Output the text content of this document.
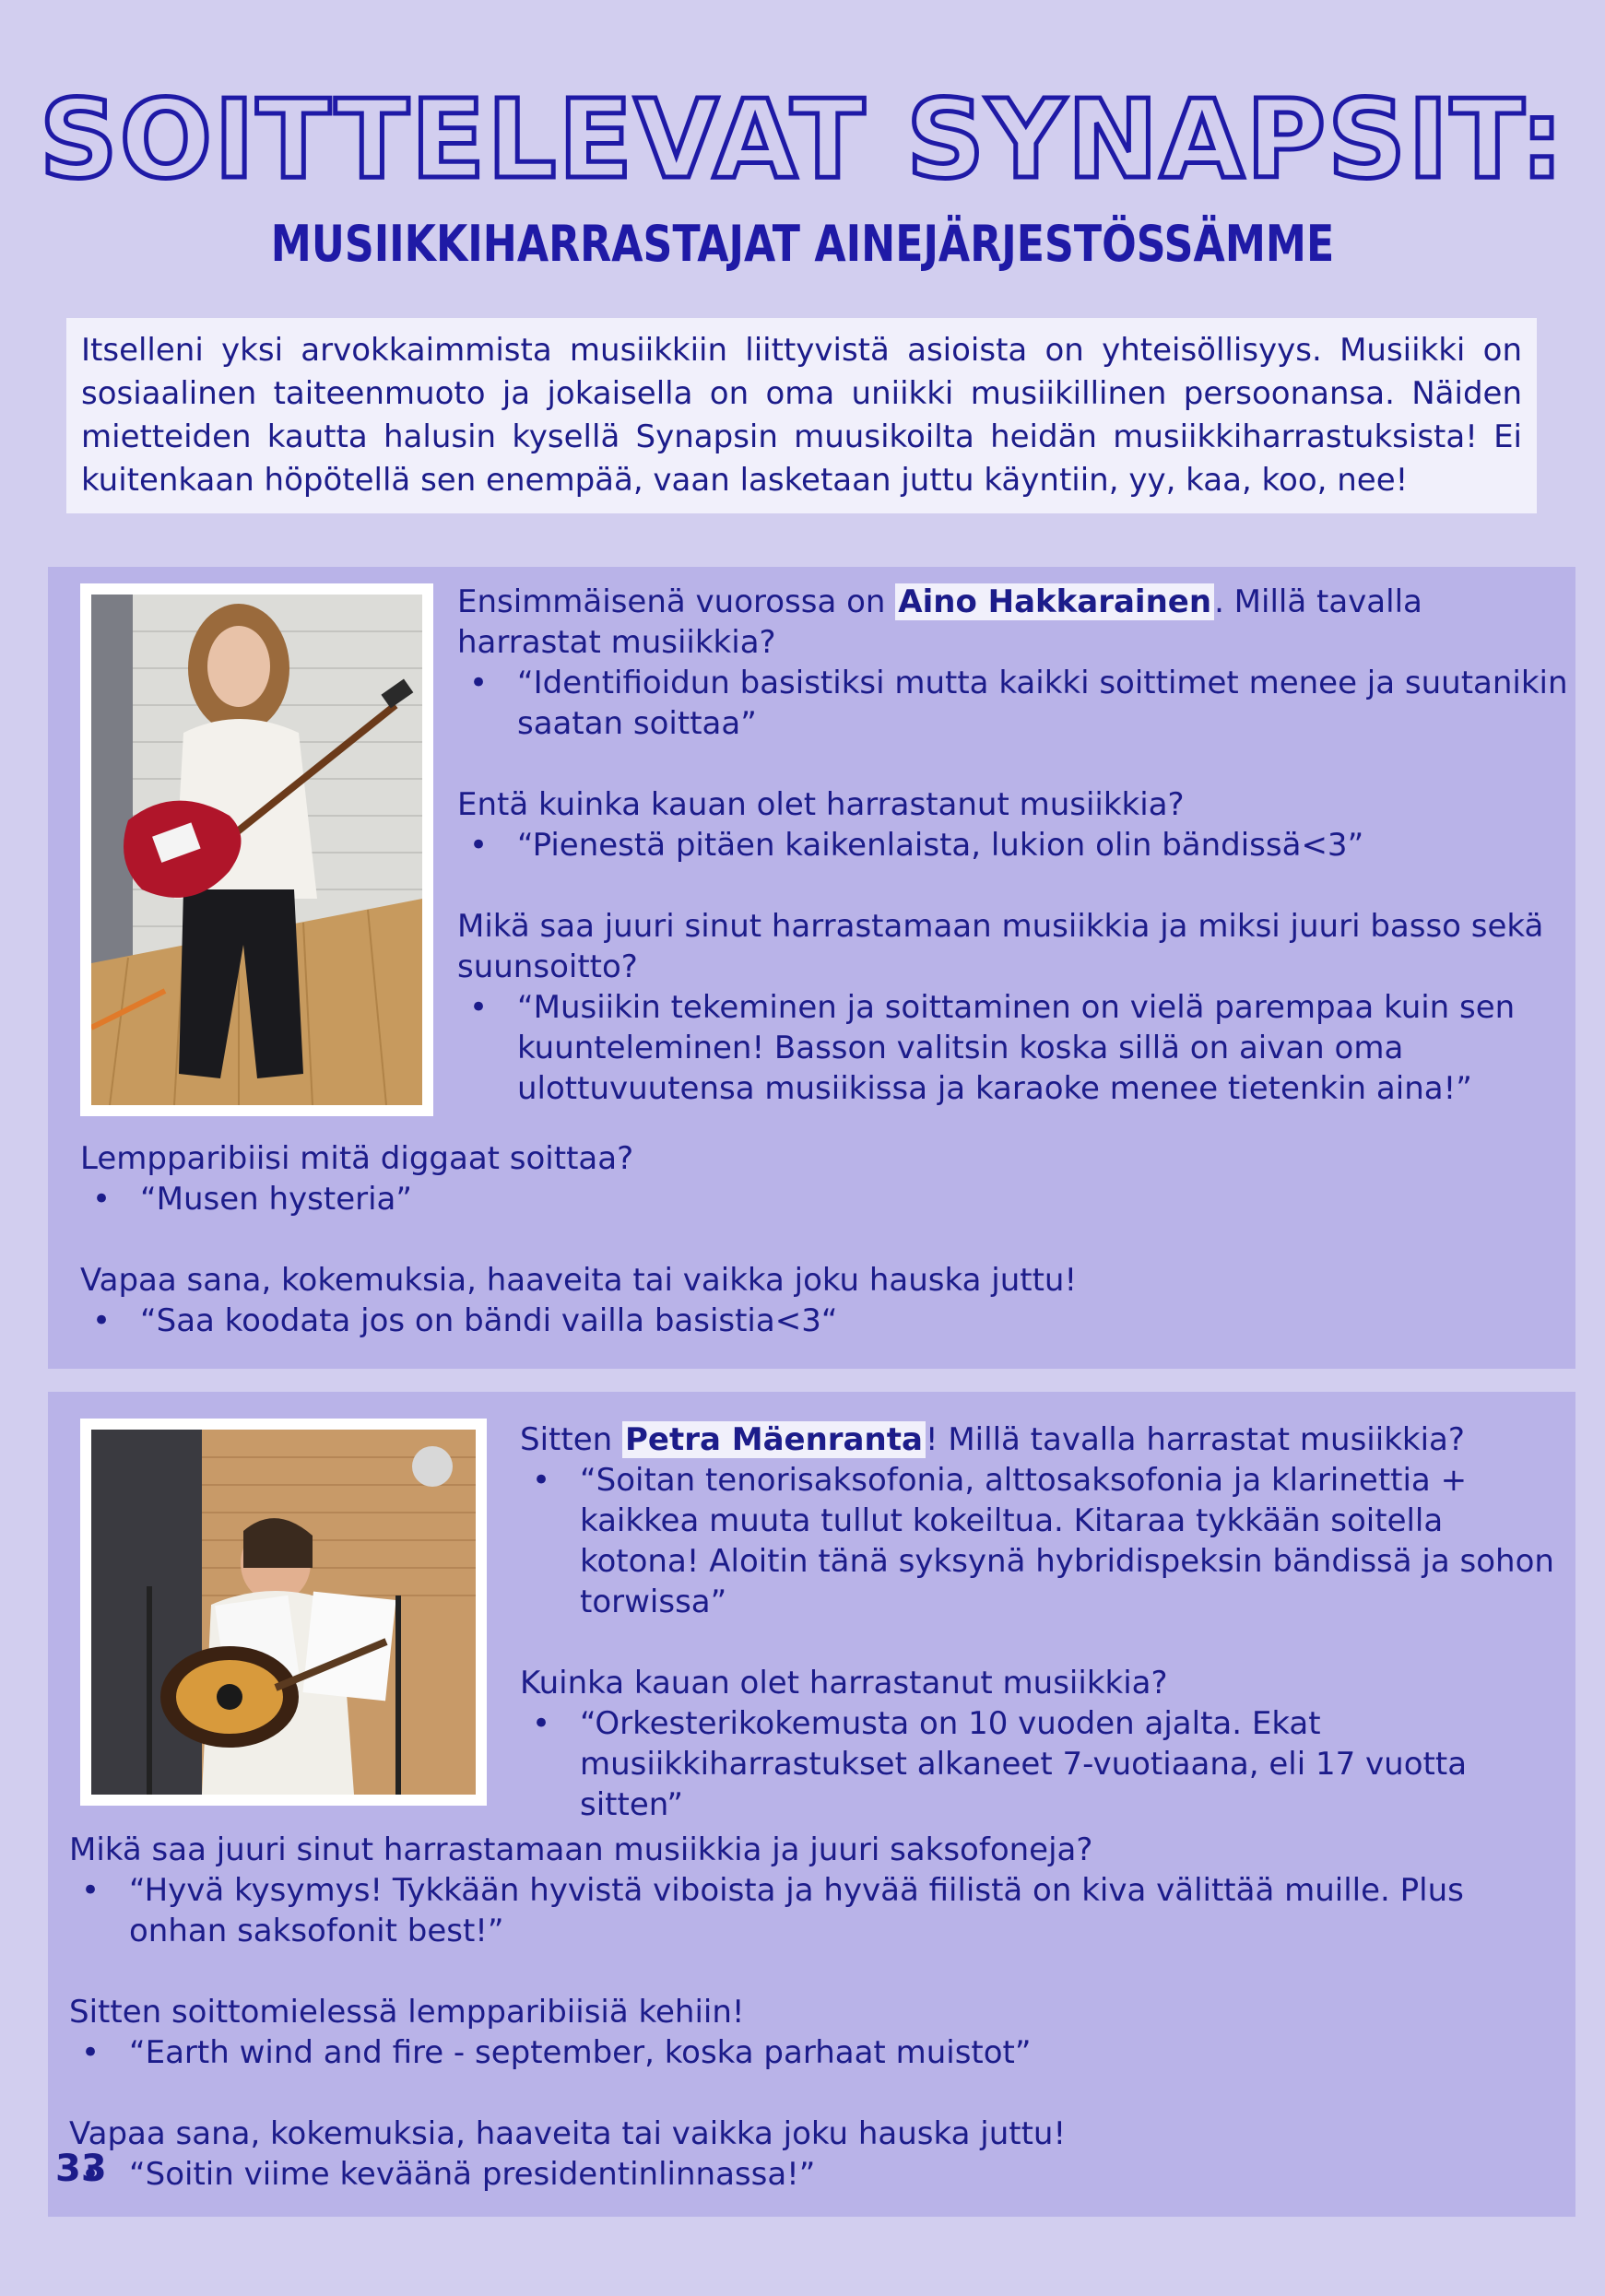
SOITTELEVAT SYNAPSIT:
MUSIIKKIHARRASTAJAT AINEJÄRJESTÖSSÄMME
Itselleni yksi arvokkaimmista musiikkiin liittyvistä asioista on yhteisöllisyys. Musiikki on sosiaalinen taiteenmuoto ja jokaisella on oma uniikki musiikillinen persoonansa. Näiden mietteiden kautta halusin kysellä Synapsin muusikoilta heidän musiikkiharrastuksista! Ei kuitenkaan höpötellä sen enempää, vaan lasketaan juttu käyntiin, yy, kaa, koo, nee!

Ensimmäisenä vuorossa on Aino Hakkarainen. Millä tavalla harrastat musiikkia?

• “Identifioidun basistiksi mutta kaikki soittimet menee ja suutanikin saatan soittaa”

Entä kuinka kauan olet harrastanut musiikkia?

• “Pienestä pitäen kaikenlaista, lukion olin bändissä<3”

Mikä saa juuri sinut harrastamaan musiikkia ja miksi juuri basso sekä suunsoitto?

• “Musiikin tekeminen ja soittaminen on vielä parempaa kuin sen kuunteleminen! Basson valitsin koska sillä on aivan oma ulottuvuutensa musiikissa ja karaoke menee tietenkin aina!”

Lempparibiisi mitä diggaat soittaa?

• “Musen hysteria”

Vapaa sana, kokemuksia, haaveita tai vaikka joku hauska juttu!

• “Saa koodata jos on bändi vailla basistia<3“

Sitten Petra Mäenranta! Millä tavalla harrastat musiikkia?

• “Soitan tenorisaksofonia, alttosaksofonia ja klarinettia + kaikkea muuta tullut kokeiltua. Kitaraa tykkään soitella kotona! Aloitin tänä syksynä hybridispeksin bändissä ja sohon torwissa”

Kuinka kauan olet harrastanut musiikkia?

• “Orkesterikokemusta on 10 vuoden ajalta. Ekat musiikkiharrastukset alkaneet 7-vuotiaana, eli 17 vuotta sitten”

Mikä saa juuri sinut harrastamaan musiikkia ja juuri saksofoneja?

• “Hyvä kysymys! Tykkään hyvistä viboista ja hyvää fiilistä on kiva välittää muille. Plus onhan saksofonit best!”

Sitten soittomielessä lempparibiisiä kehiin!

• “Earth wind and fire - september, koska parhaat muistot”

Vapaa sana, kokemuksia, haaveita tai vaikka joku hauska juttu!

• “Soitin viime keväänä presidentinlinnassa!”
33
